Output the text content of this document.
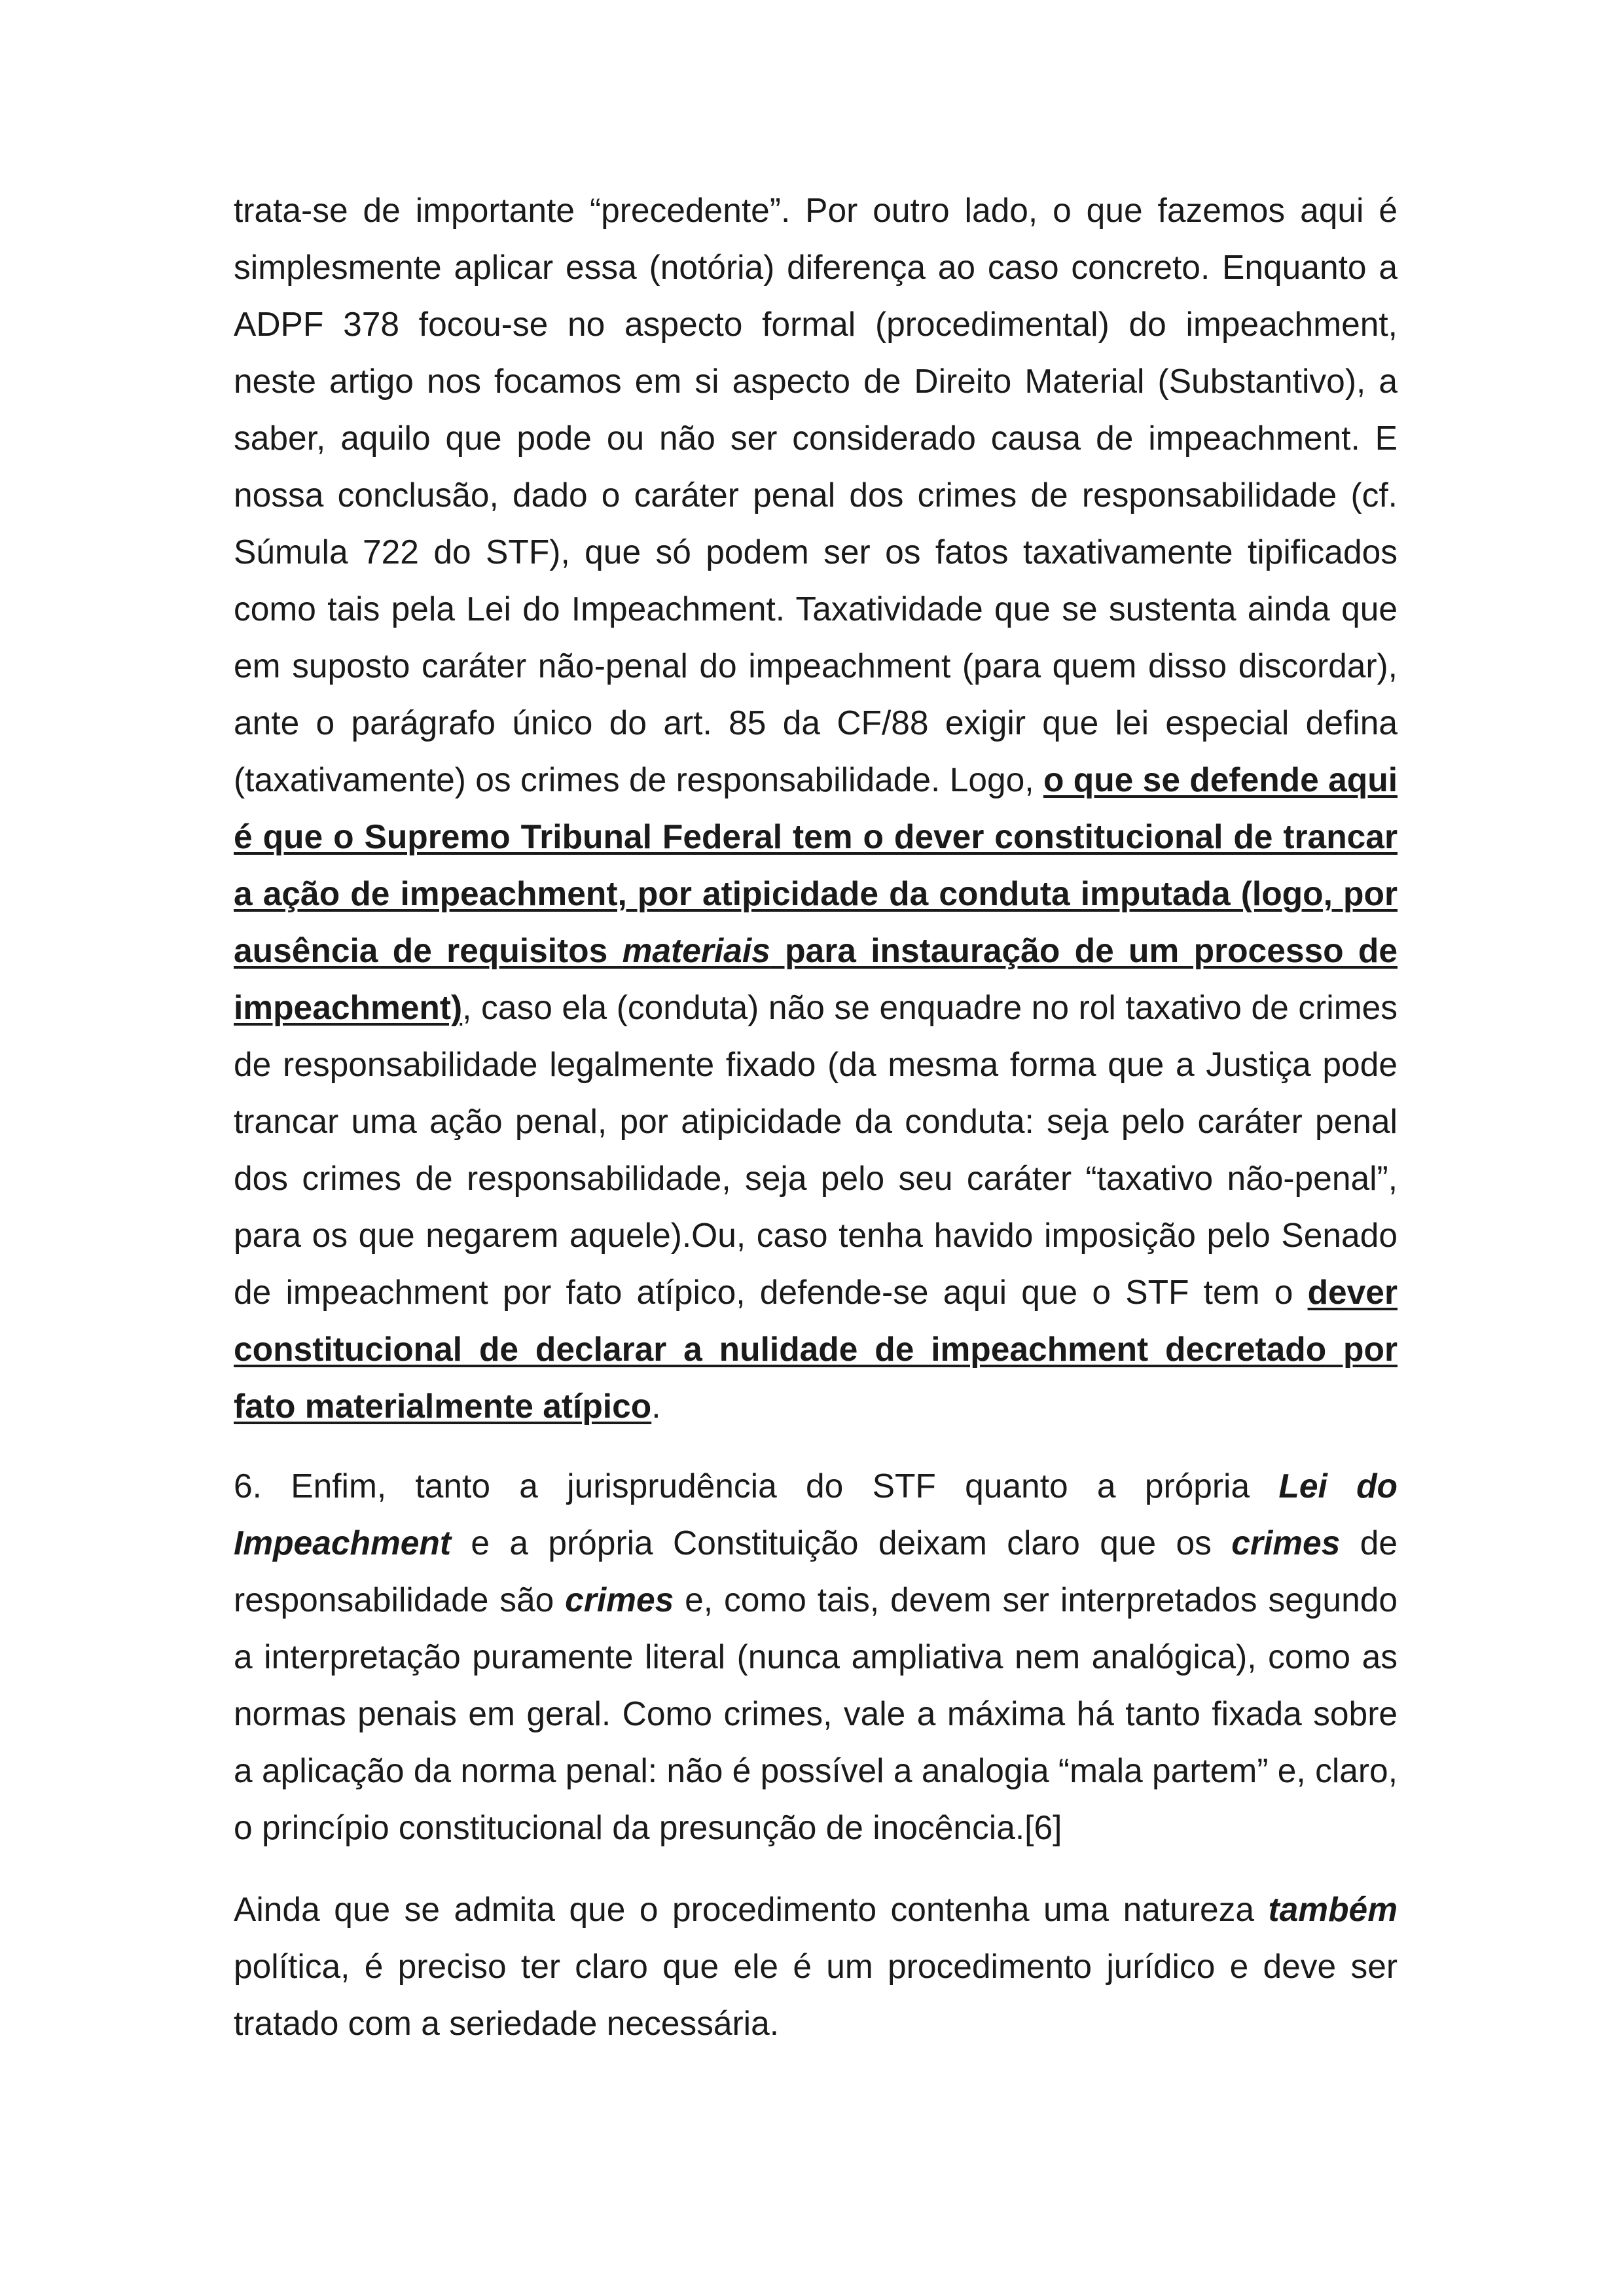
trata-se de importante “precedente”. Por outro lado, o que fazemos aqui é simplesmente aplicar essa (notória) diferença ao caso concreto. Enquanto a ADPF 378 focou-se no aspecto formal (procedimental) do impeachment, neste artigo nos focamos em si aspecto de Direito Material (Substantivo), a saber, aquilo que pode ou não ser considerado causa de impeachment. E nossa conclusão, dado o caráter penal dos crimes de responsabilidade (cf. Súmula 722 do STF), que só podem ser os fatos taxativamente tipificados como tais pela Lei do Impeachment. Taxatividade que se sustenta ainda que em suposto caráter não-penal do impeachment (para quem disso discordar), ante o parágrafo único do art. 85 da CF/88 exigir que lei especial defina (taxativamente) os crimes de responsabilidade. Logo, o que se defende aqui é que o Supremo Tribunal Federal tem o dever constitucional de trancar a ação de impeachment, por atipicidade da conduta imputada (logo, por ausência de requisitos materiais para instauração de um processo de impeachment), caso ela (conduta) não se enquadre no rol taxativo de crimes de responsabilidade legalmente fixado (da mesma forma que a Justiça pode trancar uma ação penal, por atipicidade da conduta: seja pelo caráter penal dos crimes de responsabilidade, seja pelo seu caráter “taxativo não-penal”, para os que negarem aquele).Ou, caso tenha havido imposição pelo Senado de impeachment por fato atípico, defende-se aqui que o STF tem o dever constitucional de declarar a nulidade de impeachment decretado por fato materialmente atípico.

6. Enfim, tanto a jurisprudência do STF quanto a própria Lei do Impeachment e a própria Constituição deixam claro que os crimes de responsabilidade são crimes e, como tais, devem ser interpretados segundo a interpretação puramente literal (nunca ampliativa nem analógica), como as normas penais em geral. Como crimes, vale a máxima há tanto fixada sobre a aplicação da norma penal: não é possível a analogia “mala partem” e, claro, o princípio constitucional da presunção de inocência.[6]

Ainda que se admita que o procedimento contenha uma natureza também política, é preciso ter claro que ele é um procedimento jurídico e deve ser tratado com a seriedade necessária.
